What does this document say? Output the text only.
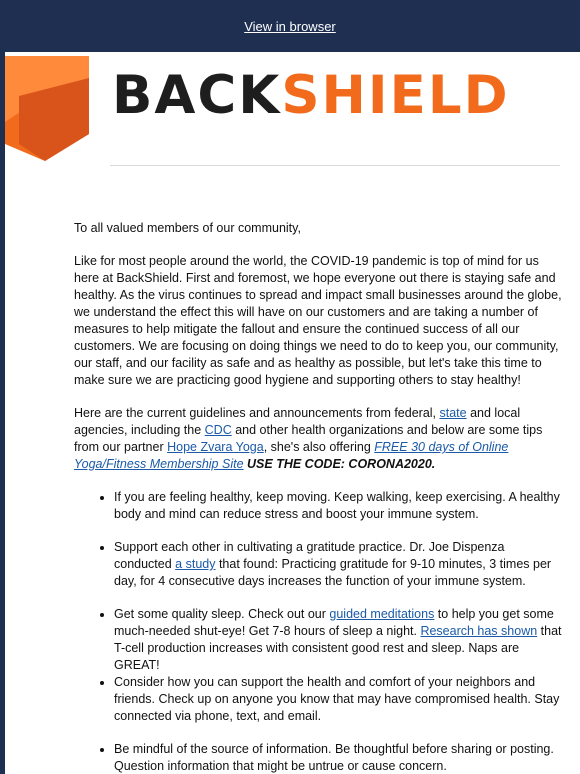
View in browser
BACKSHIELD

To all valued members of our community,

Like for most people around the world, the COVID-19 pandemic is top of mind for us here at BackShield. First and foremost, we hope everyone out there is staying safe and healthy. As the virus continues to spread and impact small businesses around the globe, we understand the effect this will have on our customers and are taking a number of measures to help mitigate the fallout and ensure the continued success of all our customers. We are focusing on doing things we need to do to keep you, our community, our staff, and our facility as safe and as healthy as possible, but let's take this time to make sure we are practicing good hygiene and supporting others to stay healthy!

Here are the current guidelines and announcements from federal, state and local agencies, including the CDC and other health organizations and below are some tips from our partner Hope Zvara Yoga, she's also offering FREE 30 days of Online Yoga/Fitness Membership Site USE THE CODE: CORONA2020.

• If you are feeling healthy, keep moving. Keep walking, keep exercising. A healthy body and mind can reduce stress and boost your immune system.
• Support each other in cultivating a gratitude practice. Dr. Joe Dispenza conducted a study that found: Practicing gratitude for 9-10 minutes, 3 times per day, for 4 consecutive days increases the function of your immune system.
• Get some quality sleep. Check out our guided meditations to help you get some much-needed shut-eye! Get 7-8 hours of sleep a night. Research has shown that T-cell production increases with consistent good rest and sleep. Naps are GREAT!
• Consider how you can support the health and comfort of your neighbors and friends. Check up on anyone you know that may have compromised health. Stay connected via phone, text, and email.
• Be mindful of the source of information. Be thoughtful before sharing or posting. Question information that might be untrue or cause concern.
